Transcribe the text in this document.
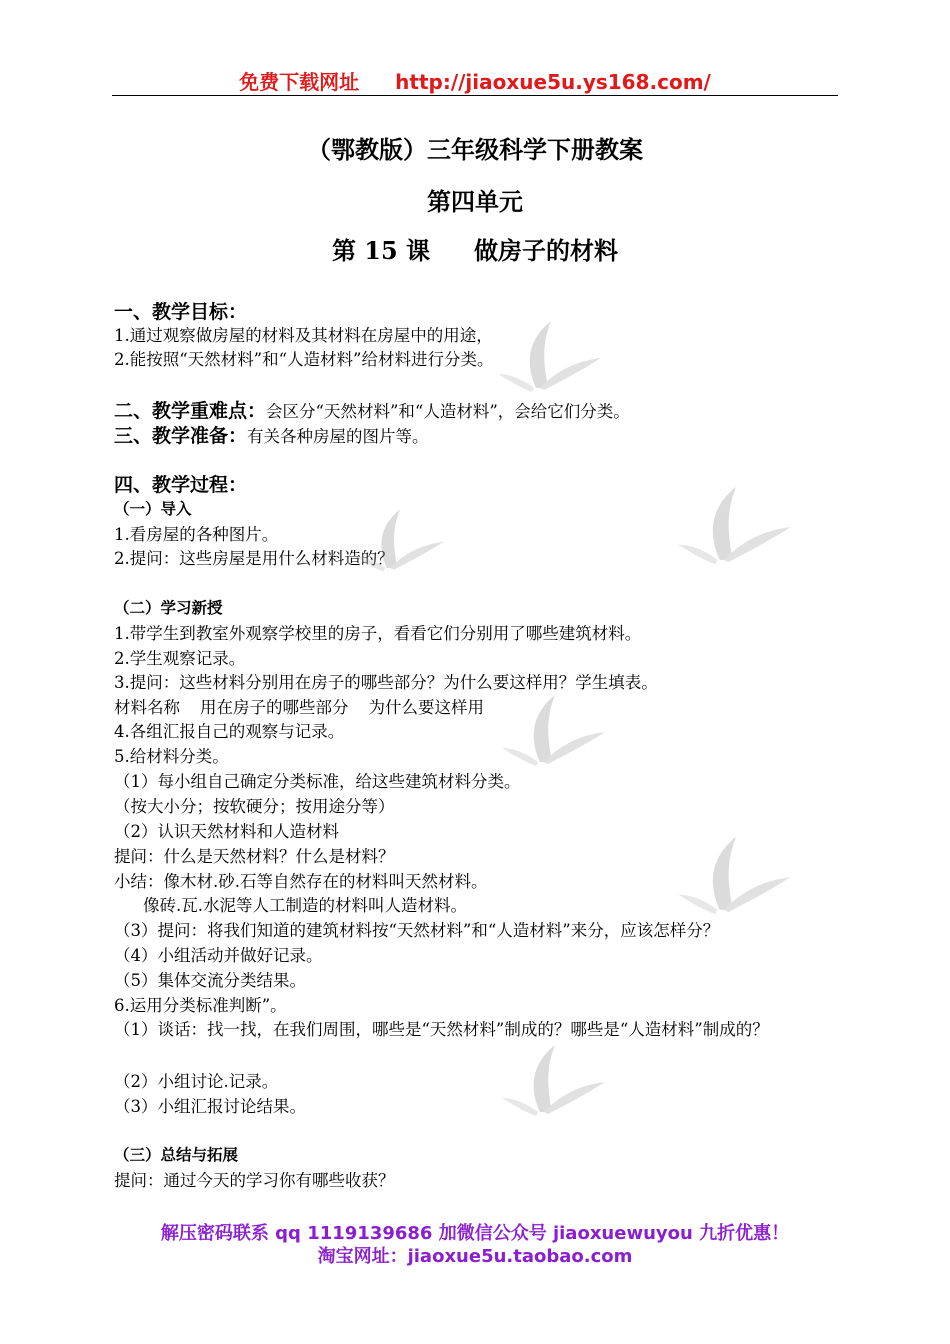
免费下载网址 http://jiaoxue5u.ys168.com/
（鄂教版）三年级科学下册教案
第四单元
第 15 课 做房子的材料
一、教学目标：
1.通过观察做房屋的材料及其材料在房屋中的用途，
2.能按照“天然材料”和“人造材料”给材料进行分类。
二、教学重难点：会区分“天然材料”和“人造材料”，会给它们分类。
三、教学准备：有关各种房屋的图片等。
四、教学过程：
（一）导入
1.看房屋的各种图片。
2.提问：这些房屋是用什么材料造的？
（二）学习新授
1.带学生到教室外观察学校里的房子，看看它们分别用了哪些建筑材料。
2.学生观察记录。
3.提问：这些材料分别用在房子的哪些部分？为什么要这样用？学生填表。
材料名称 用在房子的哪些部分 为什么要这样用
4.各组汇报自己的观察与记录。
5.给材料分类。
（1）每小组自己确定分类标准，给这些建筑材料分类。
（按大小分；按软硬分；按用途分等）
（2）认识天然材料和人造材料
提问：什么是天然材料？什么是材料？
小结：像木材.砂.石等自然存在的材料叫天然材料。
像砖.瓦.水泥等人工制造的材料叫人造材料。
（3）提问：将我们知道的建筑材料按“天然材料”和“人造材料”来分，应该怎样分？
（4）小组活动并做好记录。
（5）集体交流分类结果。
6.运用分类标准判断”。
（1）谈话：找一找，在我们周围，哪些是“天然材料”制成的？哪些是“人造材料”制成的？
（2）小组讨论.记录。
（3）小组汇报讨论结果。
（三）总结与拓展
提问：通过今天的学习你有哪些收获？
解压密码联系 qq 1119139686 加微信公众号 jiaoxuewuyou 九折优惠！
淘宝网址：jiaoxue5u.taobao.com
